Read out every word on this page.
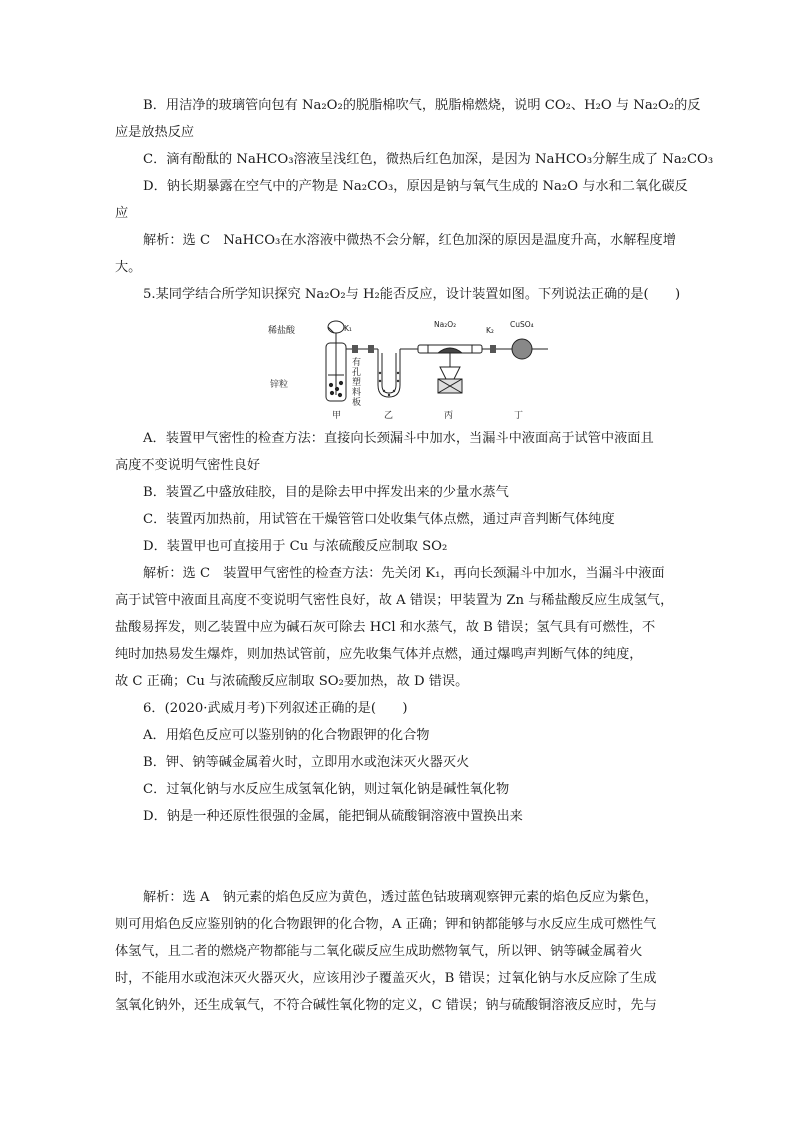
B．用洁净的玻璃管向包有 Na₂O₂的脱脂棉吹气，脱脂棉燃烧，说明 CO₂、H₂O 与 Na₂O₂的反
应是放热反应
C．滴有酚酞的 NaHCO₃溶液呈浅红色，微热后红色加深，是因为 NaHCO₃分解生成了 Na₂CO₃
D．钠长期暴露在空气中的产物是 Na₂CO₃，原因是钠与氧气生成的 Na₂O 与水和二氧化碳反
应
解析：选 C　NaHCO₃在水溶液中微热不会分解，红色加深的原因是温度升高，水解程度增
大。
5.某同学结合所学知识探究 Na₂O₂与 H₂能否反应，设计装置如图。下列说法正确的是(　　)
稀盐酸	K₁
锌粒
有
孔
塑
料
板
Na₂O₂
K₂
CuSO₄
甲	乙	丙	丁
A．装置甲气密性的检查方法：直接向长颈漏斗中加水，当漏斗中液面高于试管中液面且
高度不变说明气密性良好
B．装置乙中盛放硅胶，目的是除去甲中挥发出来的少量水蒸气
C．装置丙加热前，用试管在干燥管管口处收集气体点燃，通过声音判断气体纯度
D．装置甲也可直接用于 Cu 与浓硫酸反应制取 SO₂
解析：选 C　装置甲气密性的检查方法：先关闭 K₁，再向长颈漏斗中加水，当漏斗中液面
高于试管中液面且高度不变说明气密性良好，故 A 错误；甲装置为 Zn 与稀盐酸反应生成氢气，
盐酸易挥发，则乙装置中应为碱石灰可除去 HCl 和水蒸气，故 B 错误；氢气具有可燃性，不
纯时加热易发生爆炸，则加热试管前，应先收集气体并点燃，通过爆鸣声判断气体的纯度，
故 C 正确；Cu 与浓硫酸反应制取 SO₂要加热，故 D 错误。
6．(2020·武威月考)下列叙述正确的是(　　)
A．用焰色反应可以鉴别钠的化合物跟钾的化合物
B．钾、钠等碱金属着火时，立即用水或泡沫灭火器灭火
C．过氧化钠与水反应生成氢氧化钠，则过氧化钠是碱性氧化物
D．钠是一种还原性很强的金属，能把铜从硫酸铜溶液中置换出来
解析：选 A　钠元素的焰色反应为黄色，透过蓝色钴玻璃观察钾元素的焰色反应为紫色，
则可用焰色反应鉴别钠的化合物跟钾的化合物，A 正确；钾和钠都能够与水反应生成可燃性气
体氢气，且二者的燃烧产物都能与二氧化碳反应生成助燃物氧气，所以钾、钠等碱金属着火
时，不能用水或泡沫灭火器灭火，应该用沙子覆盖灭火，B 错误；过氧化钠与水反应除了生成
氢氧化钠外，还生成氧气，不符合碱性氧化物的定义，C 错误；钠与硫酸铜溶液反应时，先与
